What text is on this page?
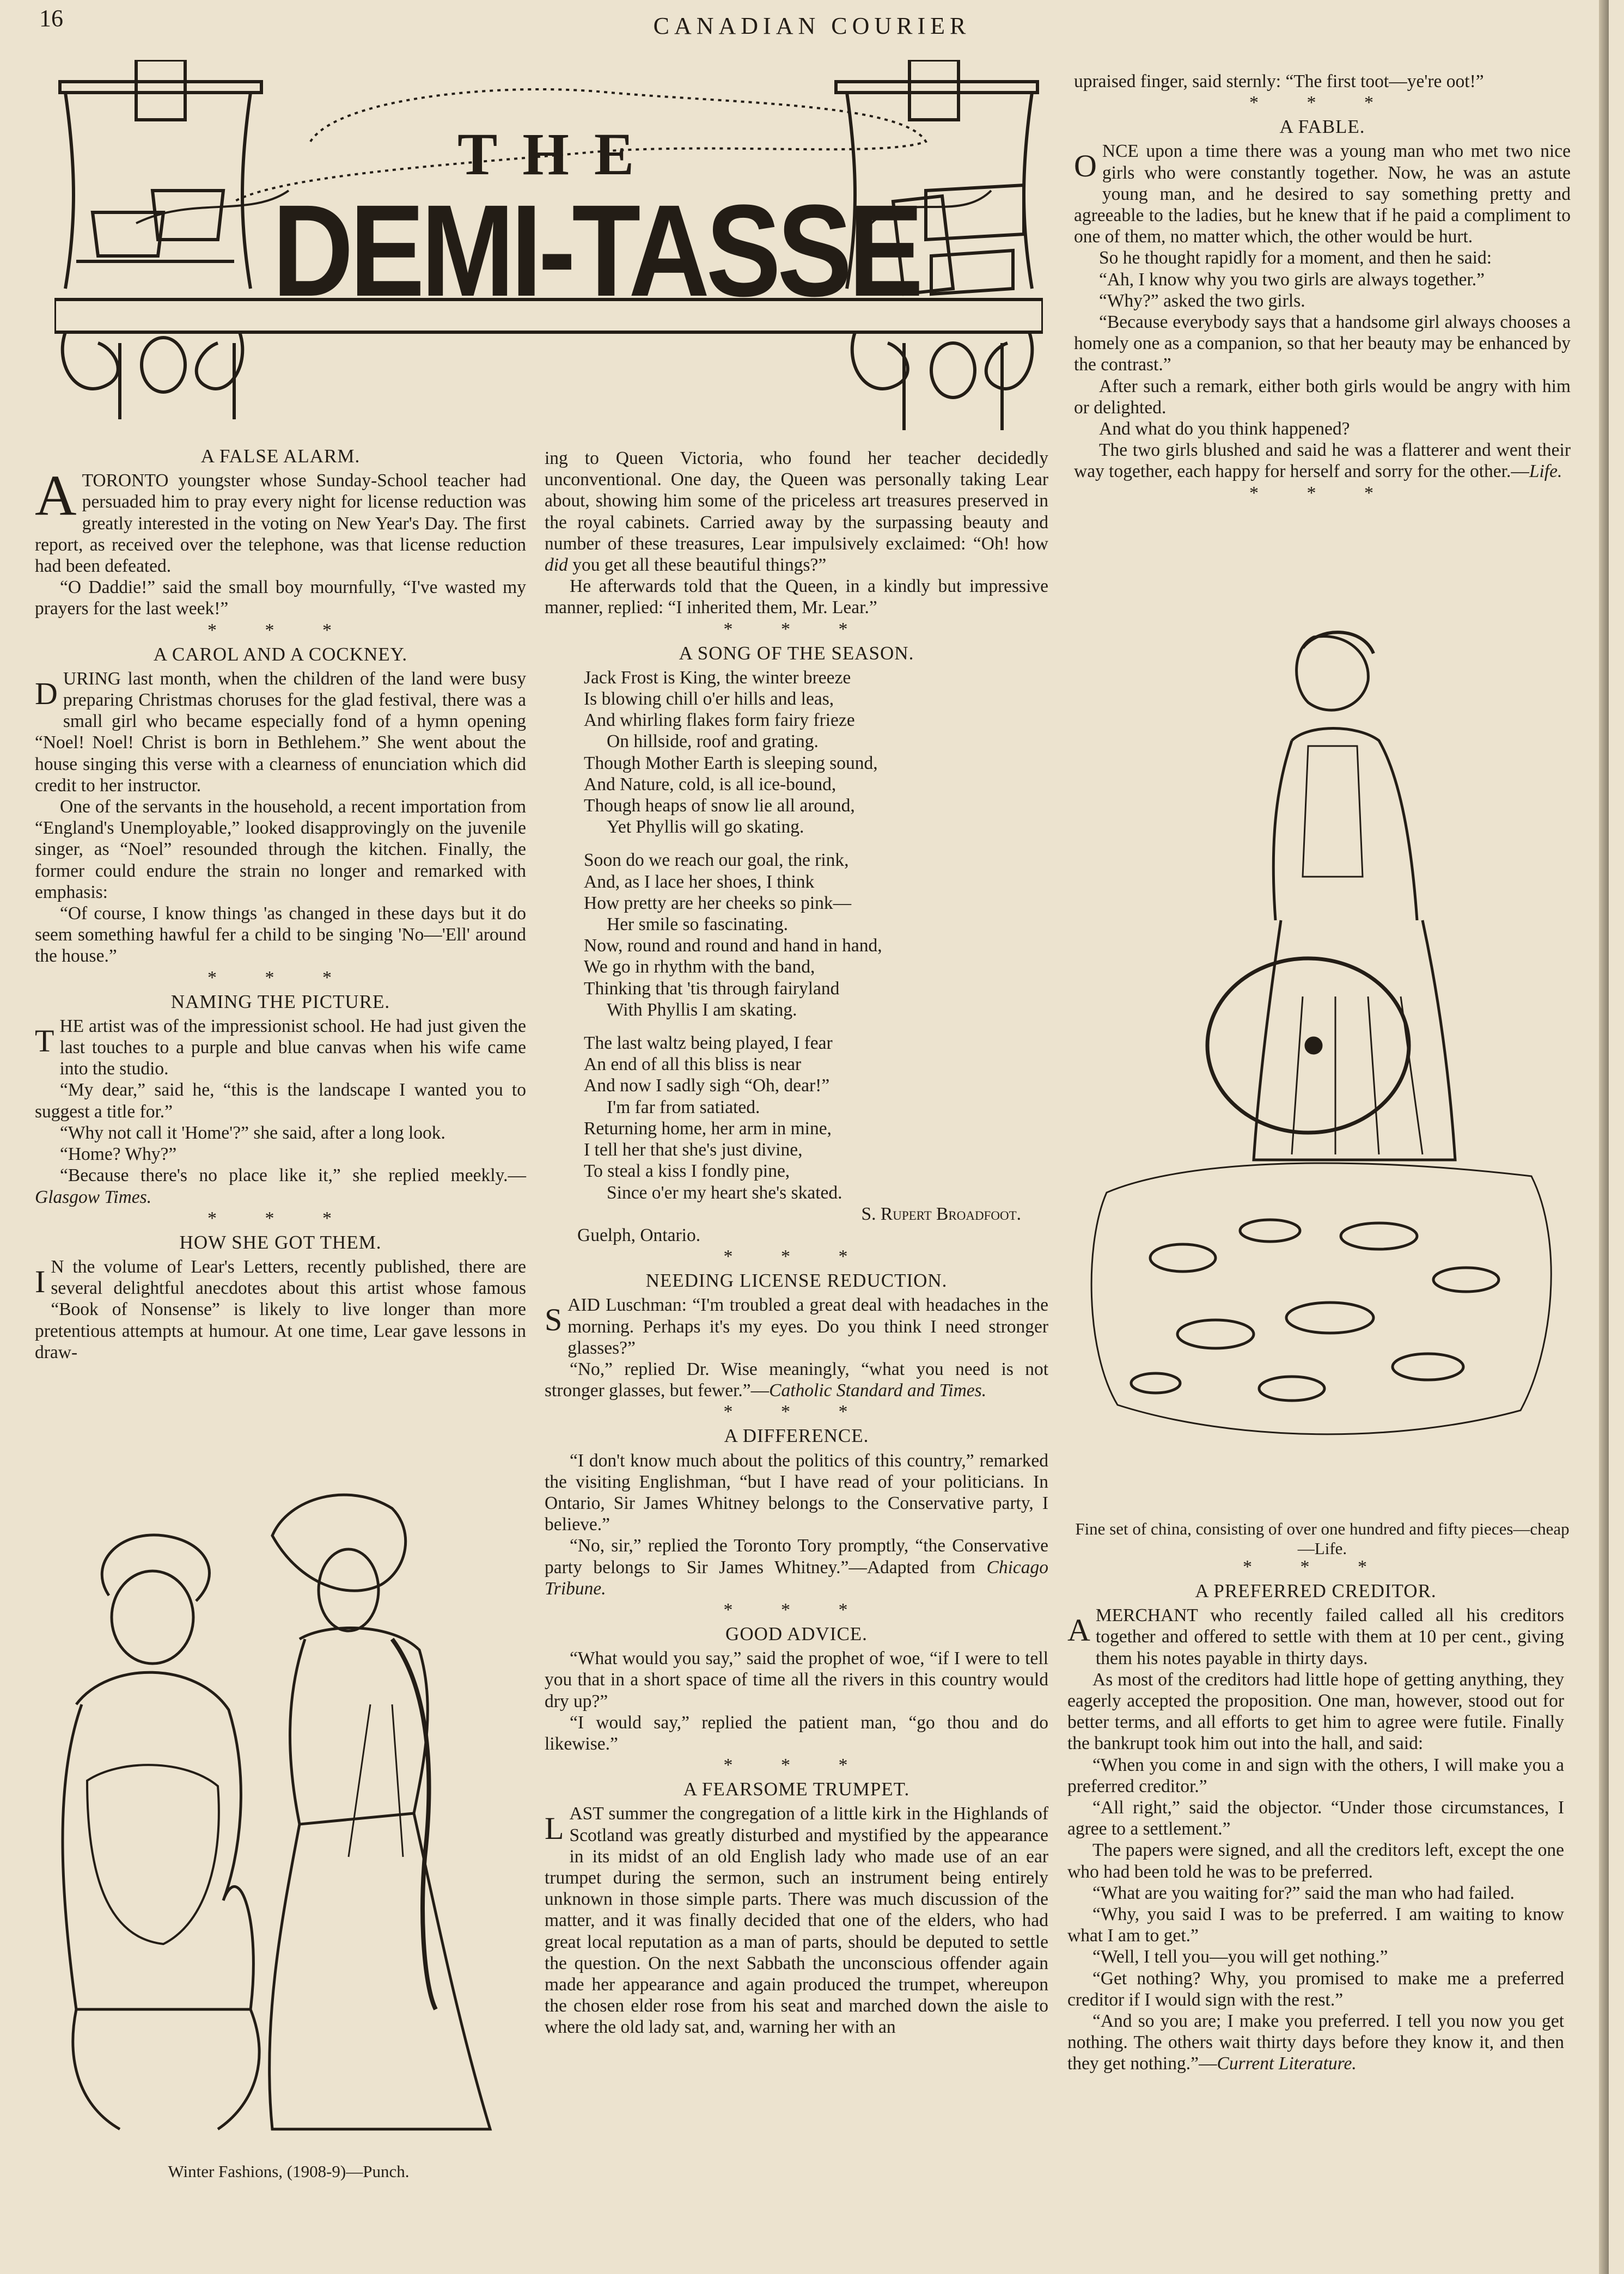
16	CANADIAN COURIER
THE
DEMI-TASSE
A FALSE ALARM.

ATORONTO youngster whose Sunday-School teacher had persuaded him to pray every night for license reduction was greatly interested in the voting on New Year's Day. The first report, as received over the telephone, was that license reduction had been defeated.

“O Daddie!” said the small boy mournfully, “I've wasted my prayers for the last week!”

* * *
A CAROL AND A COCKNEY.

DURING last month, when the children of the land were busy preparing Christmas choruses for the glad festival, there was a small girl who became especially fond of a hymn opening “Noel! Noel! Christ is born in Bethlehem.” She went about the house singing this verse with a clearness of enunciation which did credit to her instructor.

One of the servants in the household, a recent importation from “England's Unemployable,” looked disapprovingly on the juvenile singer, as “Noel” resounded through the kitchen. Finally, the former could endure the strain no longer and remarked with emphasis:

“Of course, I know things 'as changed in these days but it do seem something hawful fer a child to be singing 'No—'Ell' around the house.”

* * *
NAMING THE PICTURE.

THE artist was of the impressionist school. He had just given the last touches to a purple and blue canvas when his wife came into the studio.

“My dear,” said he, “this is the landscape I wanted you to suggest a title for.”

“Why not call it 'Home'?” she said, after a long look.

“Home? Why?”

“Because there's no place like it,” she replied meekly.—Glasgow Times.

* * *
HOW SHE GOT THEM.

I N the volume of Lear's Letters, recently published, there are several delightful anecdotes about this artist whose famous “Book of Nonsense” is likely to live longer than more pretentious attempts at humour. At one time, Lear gave lessons in draw-

Winter Fashions, (1908-9)—Punch.

ing to Queen Victoria, who found her teacher decidedly unconventional. One day, the Queen was personally taking Lear about, showing him some of the priceless art treasures preserved in the royal cabinets. Carried away by the surpassing beauty and number of these treasures, Lear impulsively exclaimed: “Oh! how did you get all these beautiful things?”

He afterwards told that the Queen, in a kindly but impressive manner, replied: “I inherited them, Mr. Lear.”

* * *
A SONG OF THE SEASON.
Jack Frost is King, the winter breeze
Is blowing chill o'er hills and leas,
And whirling flakes form fairy frieze
On hillside, roof and grating.
Though Mother Earth is sleeping sound,
And Nature, cold, is all ice-bound,
Though heaps of snow lie all around,
Yet Phyllis will go skating.
Soon do we reach our goal, the rink,
And, as I lace her shoes, I think
How pretty are her cheeks so pink—
Her smile so fascinating.
Now, round and round and hand in hand,
We go in rhythm with the band,
Thinking that 'tis through fairyland
With Phyllis I am skating.
The last waltz being played, I fear
An end of all this bliss is near
And now I sadly sigh “Oh, dear!”
I'm far from satiated.
Returning home, her arm in mine,
I tell her that she's just divine,
To steal a kiss I fondly pine,
Since o'er my heart she's skated.
S. Rupert Broadfoot.
Guelph, Ontario.
* * *
NEEDING LICENSE REDUCTION.

SAID Luschman: “I'm troubled a great deal with headaches in the morning. Perhaps it's my eyes. Do you think I need stronger glasses?”

“No,” replied Dr. Wise meaningly, “what you need is not stronger glasses, but fewer.”—Catholic Standard and Times.

* * *
A DIFFERENCE.

“I don't know much about the politics of this country,” remarked the visiting Englishman, “but I have read of your politicians. In Ontario, Sir James Whitney belongs to the Conservative party, I believe.”

“No, sir,” replied the Toronto Tory promptly, “the Conservative party belongs to Sir James Whitney.”—Adapted from Chicago Tribune.

* * *
GOOD ADVICE.

“What would you say,” said the prophet of woe, “if I were to tell you that in a short space of time all the rivers in this country would dry up?”

“I would say,” replied the patient man, “go thou and do likewise.”

* * *
A FEARSOME TRUMPET.

LAST summer the congregation of a little kirk in the Highlands of Scotland was greatly disturbed and mystified by the appearance in its midst of an old English lady who made use of an ear trumpet during the sermon, such an instrument being entirely unknown in those simple parts. There was much discussion of the matter, and it was finally decided that one of the elders, who had great local reputation as a man of parts, should be deputed to settle the question. On the next Sabbath the unconscious offender again made her appearance and again produced the trumpet, whereupon the chosen elder rose from his seat and marched down the aisle to where the old lady sat, and, warning her with an

upraised finger, said sternly: “The first toot—ye're oot!”

* * *
A FABLE.

ONCE upon a time there was a young man who met two nice girls who were constantly together. Now, he was an astute young man, and he desired to say something pretty and agreeable to the ladies, but he knew that if he paid a compliment to one of them, no matter which, the other would be hurt.

So he thought rapidly for a moment, and then he said:

“Ah, I know why you two girls are always together.”

“Why?” asked the two girls.

“Because everybody says that a handsome girl always chooses a homely one as a companion, so that her beauty may be enhanced by the contrast.”

After such a remark, either both girls would be angry with him or delighted.

And what do you think happened?

The two girls blushed and said he was a flatterer and went their way together, each happy for herself and sorry for the other.—Life.

* * *
Fine set of china, consisting of over one hundred and fifty pieces—cheap—Life.
* * *
A PREFERRED CREDITOR.

AMERCHANT who recently failed called all his creditors together and offered to settle with them at 10 per cent., giving them his notes payable in thirty days.

As most of the creditors had little hope of getting anything, they eagerly accepted the proposition. One man, however, stood out for better terms, and all efforts to get him to agree were futile. Finally the bankrupt took him out into the hall, and said:

“When you come in and sign with the others, I will make you a preferred creditor.”

“All right,” said the objector. “Under those circumstances, I agree to a settlement.”

The papers were signed, and all the creditors left, except the one who had been told he was to be preferred.

“What are you waiting for?” said the man who had failed.

“Why, you said I was to be preferred. I am waiting to know what I am to get.”

“Well, I tell you—you will get nothing.”

“Get nothing? Why, you promised to make me a preferred creditor if I would sign with the rest.”

“And so you are; I make you preferred. I tell you now you get nothing. The others wait thirty days before they know it, and then they get nothing.”—Current Literature.
